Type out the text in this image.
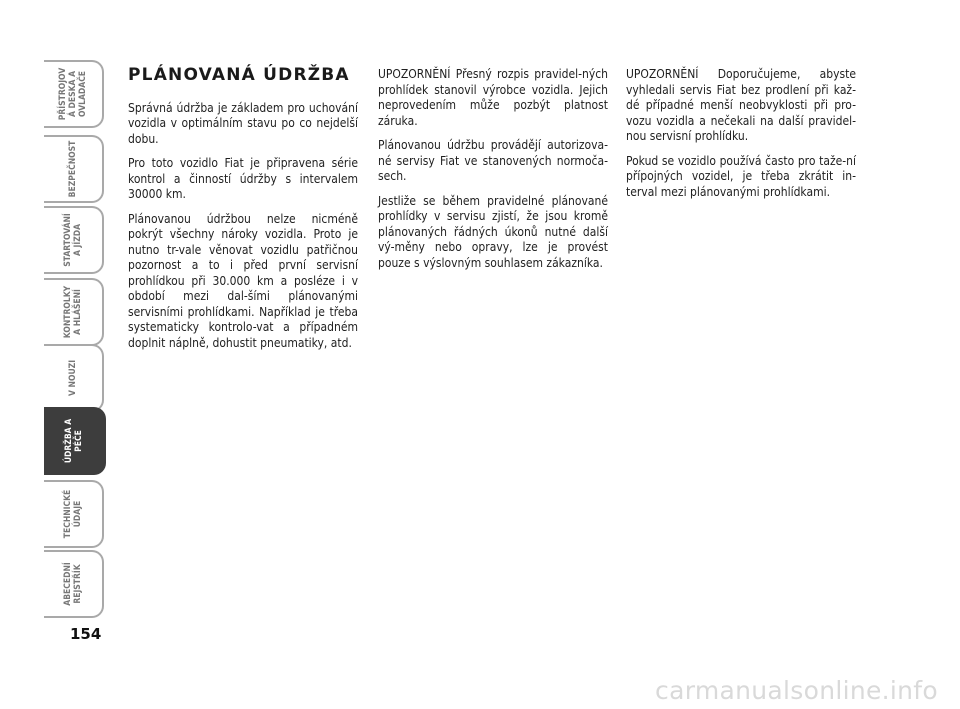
PŘÍSTROJOV
Á DESKA A
OVLADAČE
BEZPEČNOST
STARTOVÁNÍ
A JÍZDA
KONTROLKY
A HLÁŠENÍ
V NOUZI
ÚDRŽBA A
PÉČE
TECHNICKÉ
ÚDAJE
ABECEDNÍ
REJSTŘÍK
154
PLÁNOVANÁ ÚDRŽBA

Správná údržba je základem pro uchování vozidla v optimálním stavu po co nejdelší dobu.

Pro toto vozidlo Fiat je připravena série kontrol a činností údržby s intervalem 30000 km.

Plánovanou údržbou nelze nicméně pokrýt všechny nároky vozidla. Proto je nutno tr-vale věnovat vozidlu patřičnou pozornost a to i před první servisní prohlídkou při 30.000 km a posléze i v období mezi dal-šími plánovanými servisními prohlídkami. Například je třeba systematicky kontrolo-vat a případném doplnit náplně, dohustit pneumatiky, atd.

UPOZORNĚNÍ Přesný rozpis pravidel-ných prohlídek stanovil výrobce vozidla. Jejich neprovedením může pozbýt platnost záruka.

Plánovanou údržbu provádějí autorizova-né servisy Fiat ve stanovených normoča-sech.

Jestliže se během pravidelné plánované prohlídky v servisu zjistí, že jsou kromě plánovaných řádných úkonů nutné další vý-měny nebo opravy, lze je provést pouze s výslovným souhlasem zákazníka.

UPOZORNĚNÍ Doporučujeme, abyste vyhledali servis Fiat bez prodlení při kaž-dé případné menší neobvyklosti při pro-vozu vozidla a nečekali na další pravidel-nou servisní prohlídku.

Pokud se vozidlo používá často pro taže-ní přípojných vozidel, je třeba zkrátit in-terval mezi plánovanými prohlídkami.

carmanualsonline.info
